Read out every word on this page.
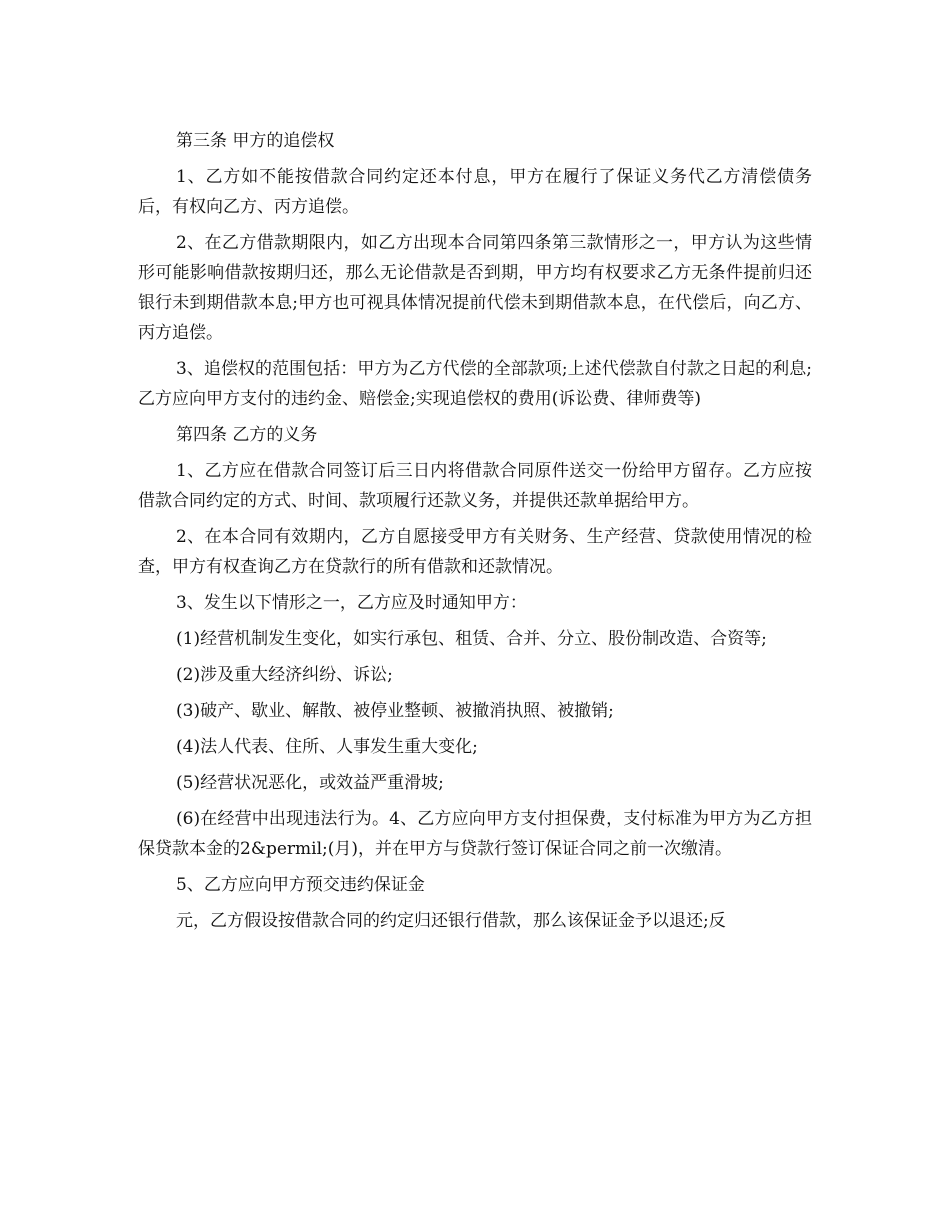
第三条 甲方的追偿权

1、乙方如不能按借款合同约定还本付息，甲方在履行了保证义务代乙方清偿债务后，有权向乙方、丙方追偿。

2、在乙方借款期限内，如乙方出现本合同第四条第三款情形之一，甲方认为这些情形可能影响借款按期归还，那么无论借款是否到期，甲方均有权要求乙方无条件提前归还银行未到期借款本息;甲方也可视具体情况提前代偿未到期借款本息，在代偿后，向乙方、丙方追偿。

3、追偿权的范围包括：甲方为乙方代偿的全部款项;上述代偿款自付款之日起的利息;乙方应向甲方支付的违约金、赔偿金;实现追偿权的费用(诉讼费、律师费等)

第四条 乙方的义务

1、乙方应在借款合同签订后三日内将借款合同原件送交一份给甲方留存。乙方应按借款合同约定的方式、时间、款项履行还款义务，并提供还款单据给甲方。

2、在本合同有效期内，乙方自愿接受甲方有关财务、生产经营、贷款使用情况的检查，甲方有权查询乙方在贷款行的所有借款和还款情况。

3、发生以下情形之一，乙方应及时通知甲方：

(1)经营机制发生变化，如实行承包、租赁、合并、分立、股份制改造、合资等;

(2)涉及重大经济纠纷、诉讼;

(3)破产、歇业、解散、被停业整顿、被撤消执照、被撤销;

(4)法人代表、住所、人事发生重大变化;

(5)经营状况恶化，或效益严重滑坡;

(6)在经营中出现违法行为。4、乙方应向甲方支付担保费，支付标准为甲方为乙方担保贷款本金的2&permil;(月)，并在甲方与贷款行签订保证合同之前一次缴清。

5、乙方应向甲方预交违约保证金

元，乙方假设按借款合同的约定归还银行借款，那么该保证金予以退还;反
